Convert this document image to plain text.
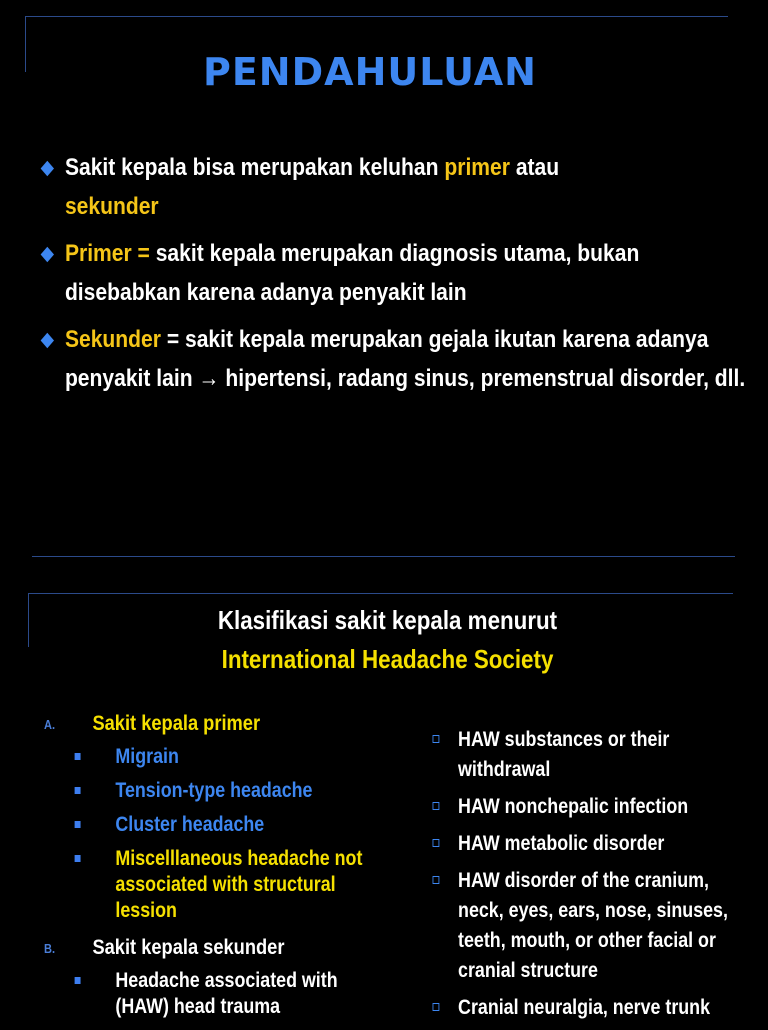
PENDAHULUAN
Sakit kepala bisa merupakan keluhan primer atau
sekunder
Primer = sakit kepala merupakan diagnosis utama, bukan disebabkan karena adanya penyakit lain
Sekunder = sakit kepala merupakan gejala ikutan karena adanya penyakit lain → hipertensi, radang sinus, premenstrual disorder, dll.
Klasifikasi sakit kepala menurut
International Headache Society
A. Sakit kepala primer
Migrain
Tension-type headache
Cluster headache
Miscelllaneous headache not associated with structural lession
B. Sakit kepala sekunder
Headache associated with (HAW) head trauma
HAW substances or their withdrawal
HAW nonchepalic infection
HAW metabolic disorder
HAW disorder of the cranium, neck, eyes, ears, nose, sinuses, teeth, mouth, or other facial or cranial structure
Cranial neuralgia, nerve trunk
